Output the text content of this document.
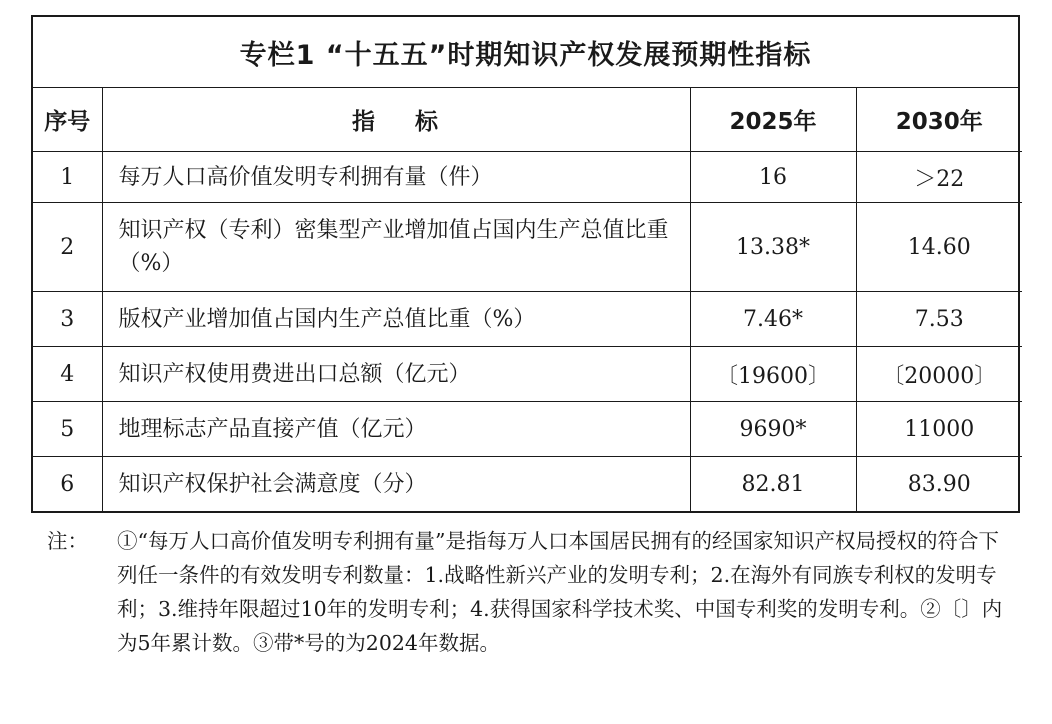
专栏1 “十五五”时期知识产权发展预期性指标
序号	指 标	2025年	2030年
1	每万人口高价值发明专利拥有量（件）	16	＞22
2	知识产权（专利）密集型产业增加值占国内生产总值比重（%）	13.38*	14.60
3	版权产业增加值占国内生产总值比重（%）	7.46*	7.53
4	知识产权使用费进出口总额（亿元）	〔19600〕	〔20000〕
5	地理标志产品直接产值（亿元）	9690*	11000
6	知识产权保护社会满意度（分）	82.81	83.90
注： ①“每万人口高价值发明专利拥有量”是指每万人口本国居民拥有的经国家知识产权局授权的符合下列任一条件的有效发明专利数量：1.战略性新兴产业的发明专利；2.在海外有同族专利权的发明专利；3.维持年限超过10年的发明专利；4.获得国家科学技术奖、中国专利奖的发明专利。②〔〕内为5年累计数。③带*号的为2024年数据。
